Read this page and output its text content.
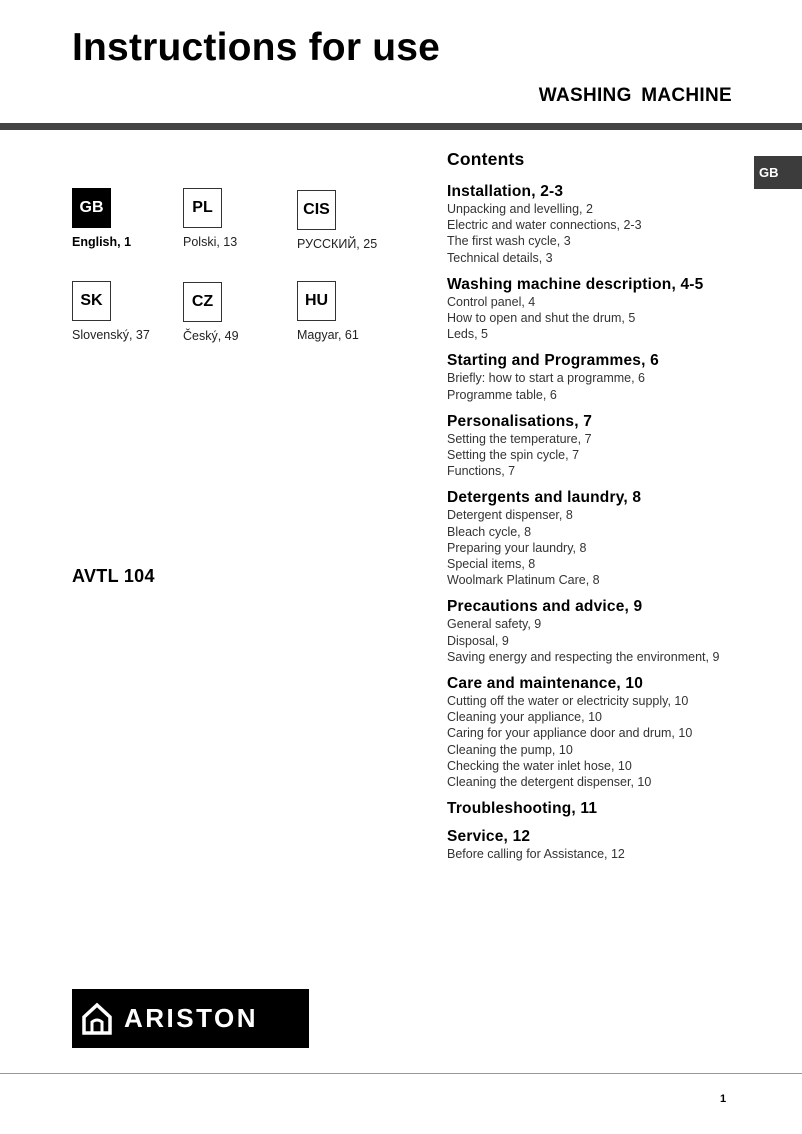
Instructions for use
WASHING MACHINE
GB
GB
English, 1
PL
Polski, 13
CIS
РУССКИЙ, 25
SK
Slovenský, 37
CZ
Český, 49
HU
Magyar, 61
AVTL 104
Contents
Installation, 2-3
Unpacking and levelling, 2
Electric and water connections, 2-3
The first wash cycle, 3
Technical details, 3
Washing machine description, 4-5
Control panel, 4
How to open and shut the drum, 5
Leds, 5
Starting and Programmes, 6
Briefly: how to start a programme, 6
Programme table, 6
Personalisations, 7
Setting the temperature, 7
Setting the spin cycle, 7
Functions, 7
Detergents and laundry, 8
Detergent dispenser, 8
Bleach cycle, 8
Preparing your laundry, 8
Special items, 8
Woolmark Platinum Care, 8
Precautions and advice, 9
General safety, 9
Disposal, 9
Saving energy and respecting the environment, 9
Care and maintenance, 10
Cutting off the water or electricity supply, 10
Cleaning your appliance, 10
Caring for your appliance door and drum, 10
Cleaning the pump, 10
Checking the water inlet hose, 10
Cleaning the detergent dispenser, 10
Troubleshooting, 11
Service, 12
Before calling for Assistance, 12
ARISTON
1
